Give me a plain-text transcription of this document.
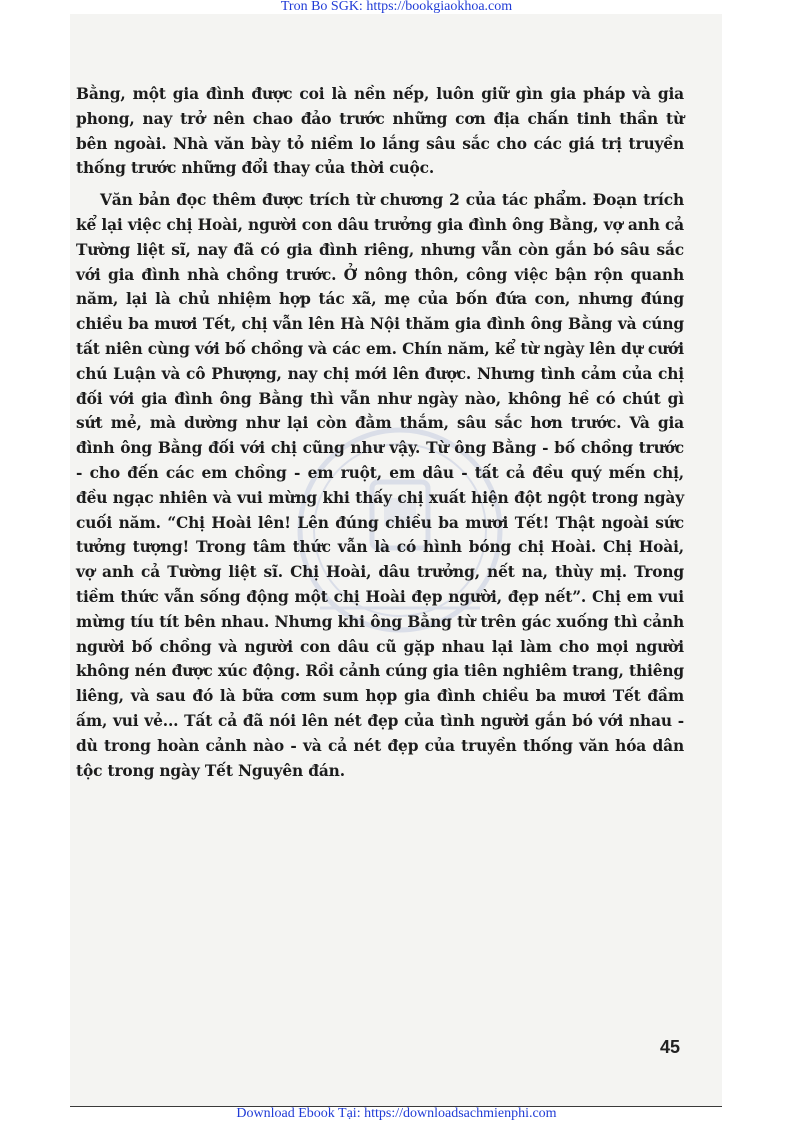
Tron Bo SGK: https://bookgiaokhoa.com

Bằng, một gia đình được coi là nền nếp, luôn giữ gìn gia pháp và gia phong, nay trở nên chao đảo trước những cơn địa chấn tinh thần từ bên ngoài. Nhà văn bày tỏ niềm lo lắng sâu sắc cho các giá trị truyền thống trước những đổi thay của thời cuộc.

Văn bản đọc thêm được trích từ chương 2 của tác phẩm. Đoạn trích kể lại việc chị Hoài, người con dâu trưởng gia đình ông Bằng, vợ anh cả Tường liệt sĩ, nay đã có gia đình riêng, nhưng vẫn còn gắn bó sâu sắc với gia đình nhà chồng trước. Ở nông thôn, công việc bận rộn quanh năm, lại là chủ nhiệm hợp tác xã, mẹ của bốn đứa con, nhưng đúng chiều ba mươi Tết, chị vẫn lên Hà Nội thăm gia đình ông Bằng và cúng tất niên cùng với bố chồng và các em. Chín năm, kể từ ngày lên dự cưới chú Luận và cô Phượng, nay chị mới lên được. Nhưng tình cảm của chị đối với gia đình ông Bằng thì vẫn như ngày nào, không hề có chút gì sứt mẻ, mà dường như lại còn đằm thắm, sâu sắc hơn trước. Và gia đình ông Bằng đối với chị cũng như vậy. Từ ông Bằng - bố chồng trước - cho đến các em chồng - em ruột, em dâu - tất cả đều quý mến chị, đều ngạc nhiên và vui mừng khi thấy chị xuất hiện đột ngột trong ngày cuối năm. “Chị Hoài lên! Lên đúng chiều ba mươi Tết! Thật ngoài sức tưởng tượng! Trong tâm thức vẫn là có hình bóng chị Hoài. Chị Hoài, vợ anh cả Tường liệt sĩ. Chị Hoài, dâu trưởng, nết na, thùy mị. Trong tiềm thức vẫn sống động một chị Hoài đẹp người, đẹp nết”. Chị em vui mừng tíu tít bên nhau. Nhưng khi ông Bằng từ trên gác xuống thì cảnh người bố chồng và người con dâu cũ gặp nhau lại làm cho mọi người không nén được xúc động. Rồi cảnh cúng gia tiên nghiêm trang, thiêng liêng, và sau đó là bữa cơm sum họp gia đình chiều ba mươi Tết đầm ấm, vui vẻ... Tất cả đã nói lên nét đẹp của tình người gắn bó với nhau - dù trong hoàn cảnh nào - và cả nét đẹp của truyền thống văn hóa dân tộc trong ngày Tết Nguyên đán.

45
Download Ebook Tại: https://downloadsachmienphi.com
